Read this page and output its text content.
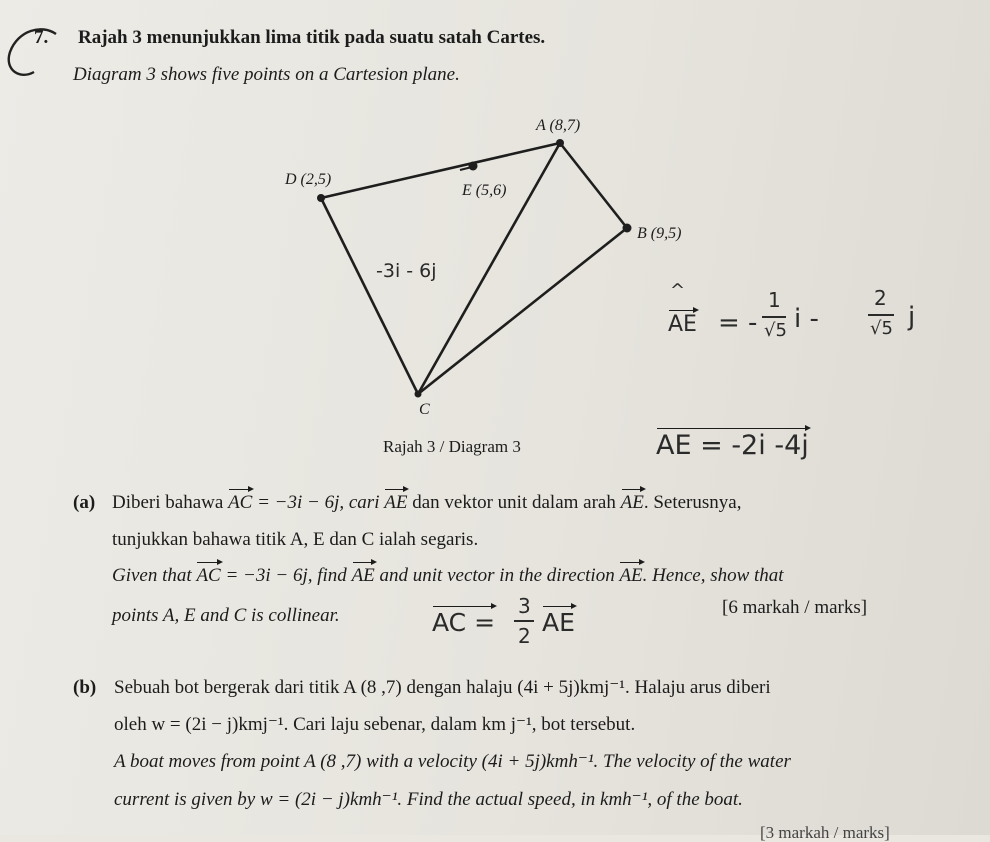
7. Rajah 3 menunjukkan lima titik pada suatu satah Cartes.
Diagram 3 shows five points on a Cartesion plane.
A (8,7)
E (5,6)
D (2,5)
B (9,5)
C
Rajah 3 / Diagram 3
-3i - 6j
^
AE = -
1
√5 i -
2
√5 j
AE = -2i -4j
(a) Diberi bahawa AC = −3i − 6j, cari AE dan vektor unit dalam arah AE. Seterusnya,
tunjukkan bahawa titik A, E dan C ialah segaris.
Given that AC = −3i − 6j, find AE and unit vector in the direction AE. Hence, show that
points A, E and C is collinear.	AC =
3
2 AE
[6 markah / marks]
(b) Sebuah bot bergerak dari titik A (8 ,7) dengan halaju (4i + 5j)kmj⁻¹. Halaju arus diberi
oleh w = (2i − j)kmj⁻¹. Cari laju sebenar, dalam km j⁻¹, bot tersebut.
A boat moves from point A (8 ,7) with a velocity (4i + 5j)kmh⁻¹. The velocity of the water
current is given by w = (2i − j)kmh⁻¹. Find the actual speed, in kmh⁻¹, of the boat.
[3 markah / marks]
